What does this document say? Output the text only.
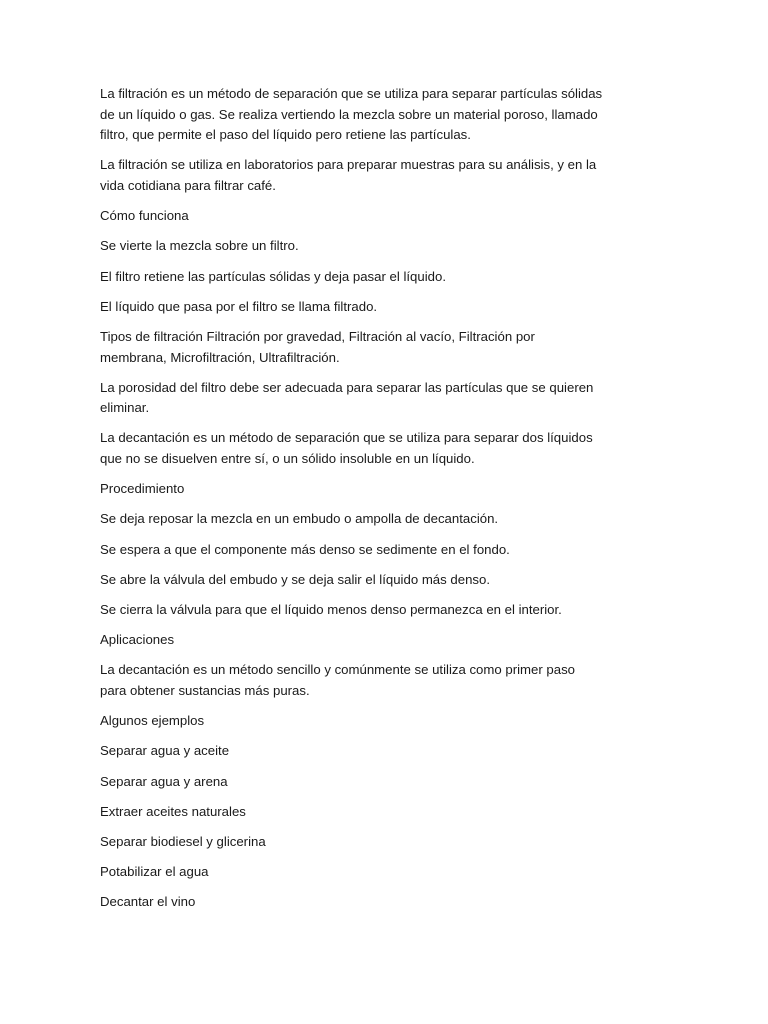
La filtración es un método de separación que se utiliza para separar partículas sólidas de un líquido o gas. Se realiza vertiendo la mezcla sobre un material poroso, llamado filtro, que permite el paso del líquido pero retiene las partículas.

La filtración se utiliza en laboratorios para preparar muestras para su análisis, y en la vida cotidiana para filtrar café.

Cómo funciona

Se vierte la mezcla sobre un filtro.

El filtro retiene las partículas sólidas y deja pasar el líquido.

El líquido que pasa por el filtro se llama filtrado.

Tipos de filtración Filtración por gravedad, Filtración al vacío, Filtración por membrana, Microfiltración, Ultrafiltración.

La porosidad del filtro debe ser adecuada para separar las partículas que se quieren eliminar.

La decantación es un método de separación que se utiliza para separar dos líquidos que no se disuelven entre sí, o un sólido insoluble en un líquido.

Procedimiento

Se deja reposar la mezcla en un embudo o ampolla de decantación.

Se espera a que el componente más denso se sedimente en el fondo.

Se abre la válvula del embudo y se deja salir el líquido más denso.

Se cierra la válvula para que el líquido menos denso permanezca en el interior.

Aplicaciones

La decantación es un método sencillo y comúnmente se utiliza como primer paso para obtener sustancias más puras.

Algunos ejemplos

Separar agua y aceite

Separar agua y arena

Extraer aceites naturales

Separar biodiesel y glicerina

Potabilizar el agua

Decantar el vino
